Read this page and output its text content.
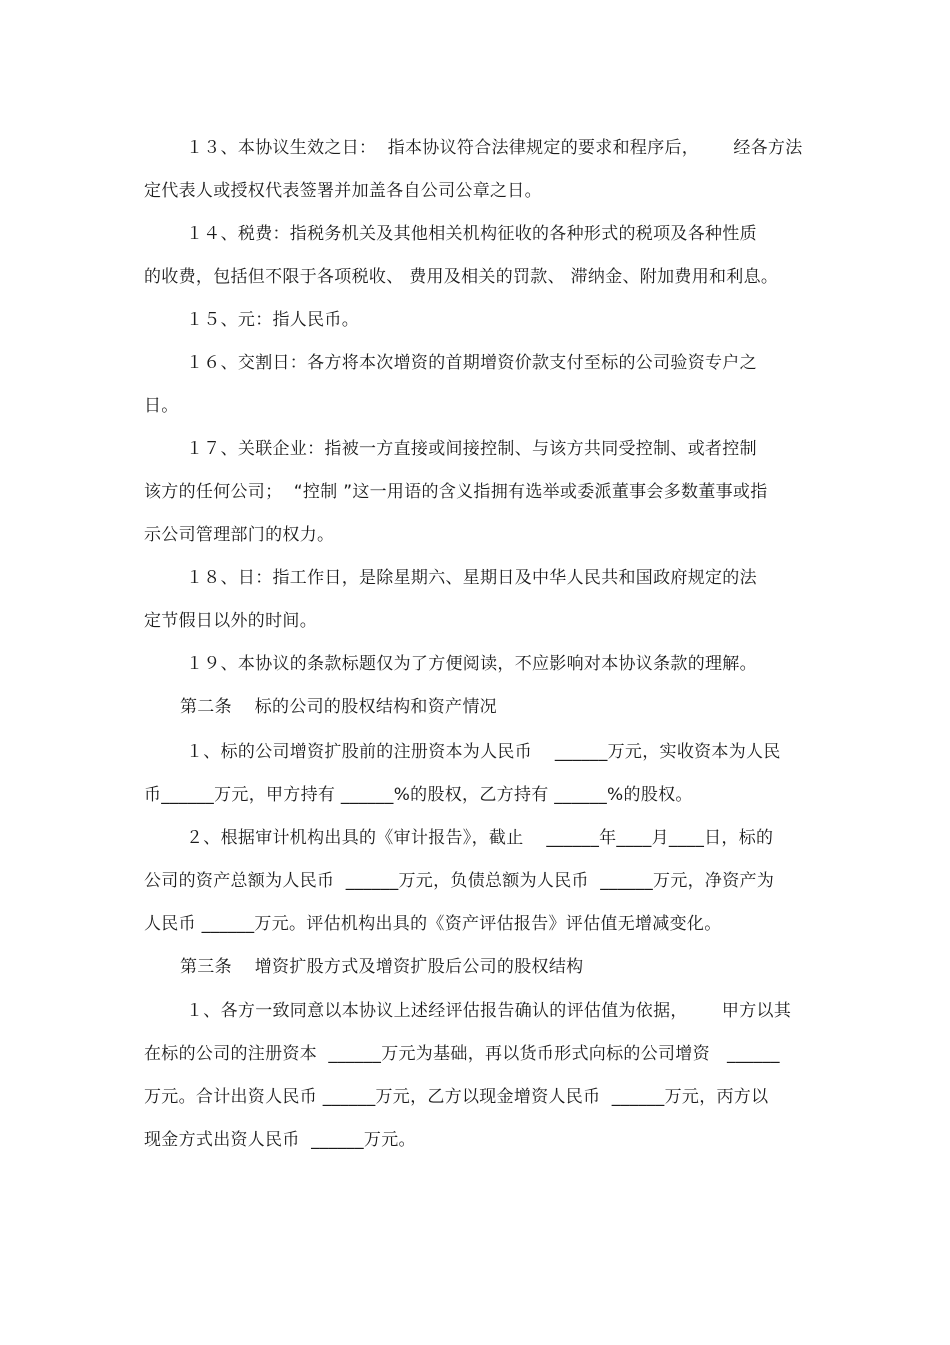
１３、本协议生效之日：  指本协议符合法律规定的要求和程序后，      经各方法
定代表人或授权代表签署并加盖各自公司公章之日。
１４、税费：指税务机关及其他相关机构征收的各种形式的税项及各种性质
的收费，包括但不限于各项税收、 费用及相关的罚款、 滞纳金、附加费用和利息。
１５、元：指人民币。
１６、交割日：各方将本次增资的首期增资价款支付至标的公司验资专户之
日。
１７、关联企业：指被一方直接或间接控制、与该方共同受控制、或者控制
该方的任何公司；  “控制 ”这一用语的含义指拥有选举或委派董事会多数董事或指
示公司管理部门的权力。
１８、日：指工作日，是除星期六、星期日及中华人民共和国政府规定的法
定节假日以外的时间。
１９、本协议的条款标题仅为了方便阅读，不应影响对本协议条款的理解。
第二条    标的公司的股权结构和资产情况
１、标的公司增资扩股前的注册资本为人民币    ______万元，实收资本为人民
币______万元，甲方持有 ______%的股权，乙方持有 ______%的股权。
２、根据审计机构出具的《审计报告》，截止    ______年____月____日，标的
公司的资产总额为人民币  ______万元，负债总额为人民币  ______万元，净资产为
人民币 ______万元。评估机构出具的《资产评估报告》评估值无增减变化。
第三条    增资扩股方式及增资扩股后公司的股权结构
１、各方一致同意以本协议上述经评估报告确认的评估值为依据，      甲方以其
在标的公司的注册资本  ______万元为基础，再以货币形式向标的公司增资   ______
万元。合计出资人民币 ______万元，乙方以现金增资人民币  ______万元，丙方以
现金方式出资人民币  ______万元。
